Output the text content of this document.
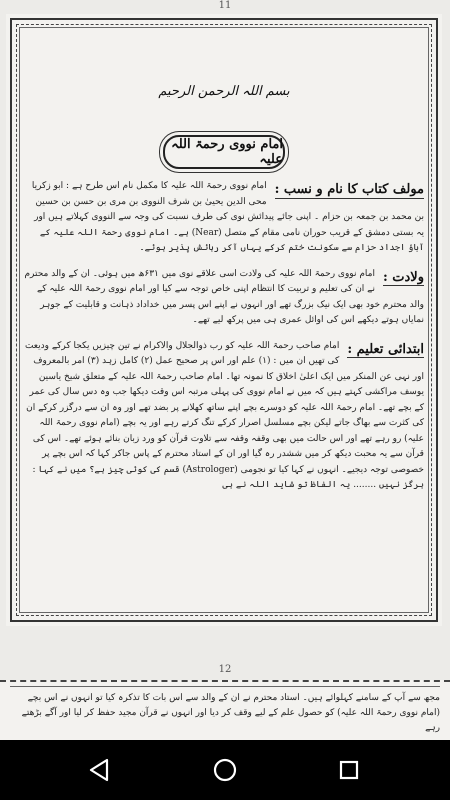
11
بسم اللہ الرحمن الرحیم
امام نووی رحمۃ اللہ علیہ
مولف کتاب کا نام و نسب :
امام نووی رحمۃ اللہ علیہ کا مکمل نام اس طرح ہے : ابو زکریا محی الدین یحییٰ بن شرف النووی بن مری بن حسن بن حسین بن محمد بن جمعہ بن حزام ۔ اپنی جائے پیدائش نوی کی طرف نسبت کی وجہ سے النووی کہلاتے ہیں اور یہ بستی دمشق کے قریب حوران نامی مقام کے متصل (Near) ہے۔ امام نووی رحمۃ اللہ علیہ کے آباؤ اجداد حزام سے سکونت ختم کرکے یہاں آکر رہائش پذیر ہوئے۔
ولادت :
امام نووی رحمۃ اللہ علیہ کی ولادت اسی علاقے نوی میں ۶۳۱ھ میں ہوئی۔ ان کے والد محترم نے ان کی تعلیم و تربیت کا انتظام اپنی خاص توجہ سے کیا اور امام نووی رحمۃ اللہ علیہ کے والد محترم خود بھی ایک نیک بزرگ تھے اور انہوں نے اپنے اس پسر میں خداداد ذہانت و قابلیت کے جوہر نمایاں ہوتے دیکھے اس کی اوائل عمری ہی میں پرکھ لیے تھے۔
ابتدائی تعلیم :
امام صاحب رحمۃ اللہ علیہ کو رب ذوالجلال والاکرام نے تین چیزیں یکجا کرکے ودیعت کی تھیں ان میں : (۱) علم اور اس پر صحیح عمل (۲) کامل زہد (۳) امر بالمعروف اور نہی عن المنکر میں ایک اعلیٰ اخلاق کا نمونہ تھا۔ امام صاحب رحمۃ اللہ علیہ کے متعلق شیخ یاسین یوسف مراکشی کہتے ہیں کہ میں نے امام نووی کی پہلی مرتبہ اس وقت دیکھا جب وہ دس سال کی عمر کے بچے تھے۔ امام رحمۃ اللہ علیہ کو دوسرے بچے اپنے ساتھ کھلانے پر بضد تھے اور وہ ان سے درگزر کرکے ان کی کثرت سے بھاگ جاتے لیکن بچے مسلسل اصرار کرکے تنگ کرتے رہے اور یہ بچے (امام نووی رحمۃ اللہ علیہ) رو رہے تھے اور اس حالت میں بھی وقفہ وقفہ سے تلاوت قرآن کو ورد زبان بنائے ہوئے تھے۔ اس کی قرآن سے یہ محبت دیکھ کر میں ششدر رہ گیا اور ان کے استاد محترم کے پاس جاکر کہا کہ اس بچے پر خصوصی توجہ دیجیے۔ انہوں نے کہا کیا تو نجومی (Astrologer) قسم کی کوئی چیز ہے؟ میں نے کہا : ہرگز نہیں ........ یہ الفاظ تو شاید اللہ نے ہی
12
مجھ سے آپ کے سامنے کہلوائے ہیں۔ استاد محترم نے ان کے والد سے اس بات کا تذکرہ کیا تو انہوں نے اس بچے (امام نووی رحمۃ اللہ علیہ) کو حصول علم کے لیے وقف کر دیا اور انہوں نے قرآن مجید حفظ کر لیا اور آگے بڑھتے رہے
